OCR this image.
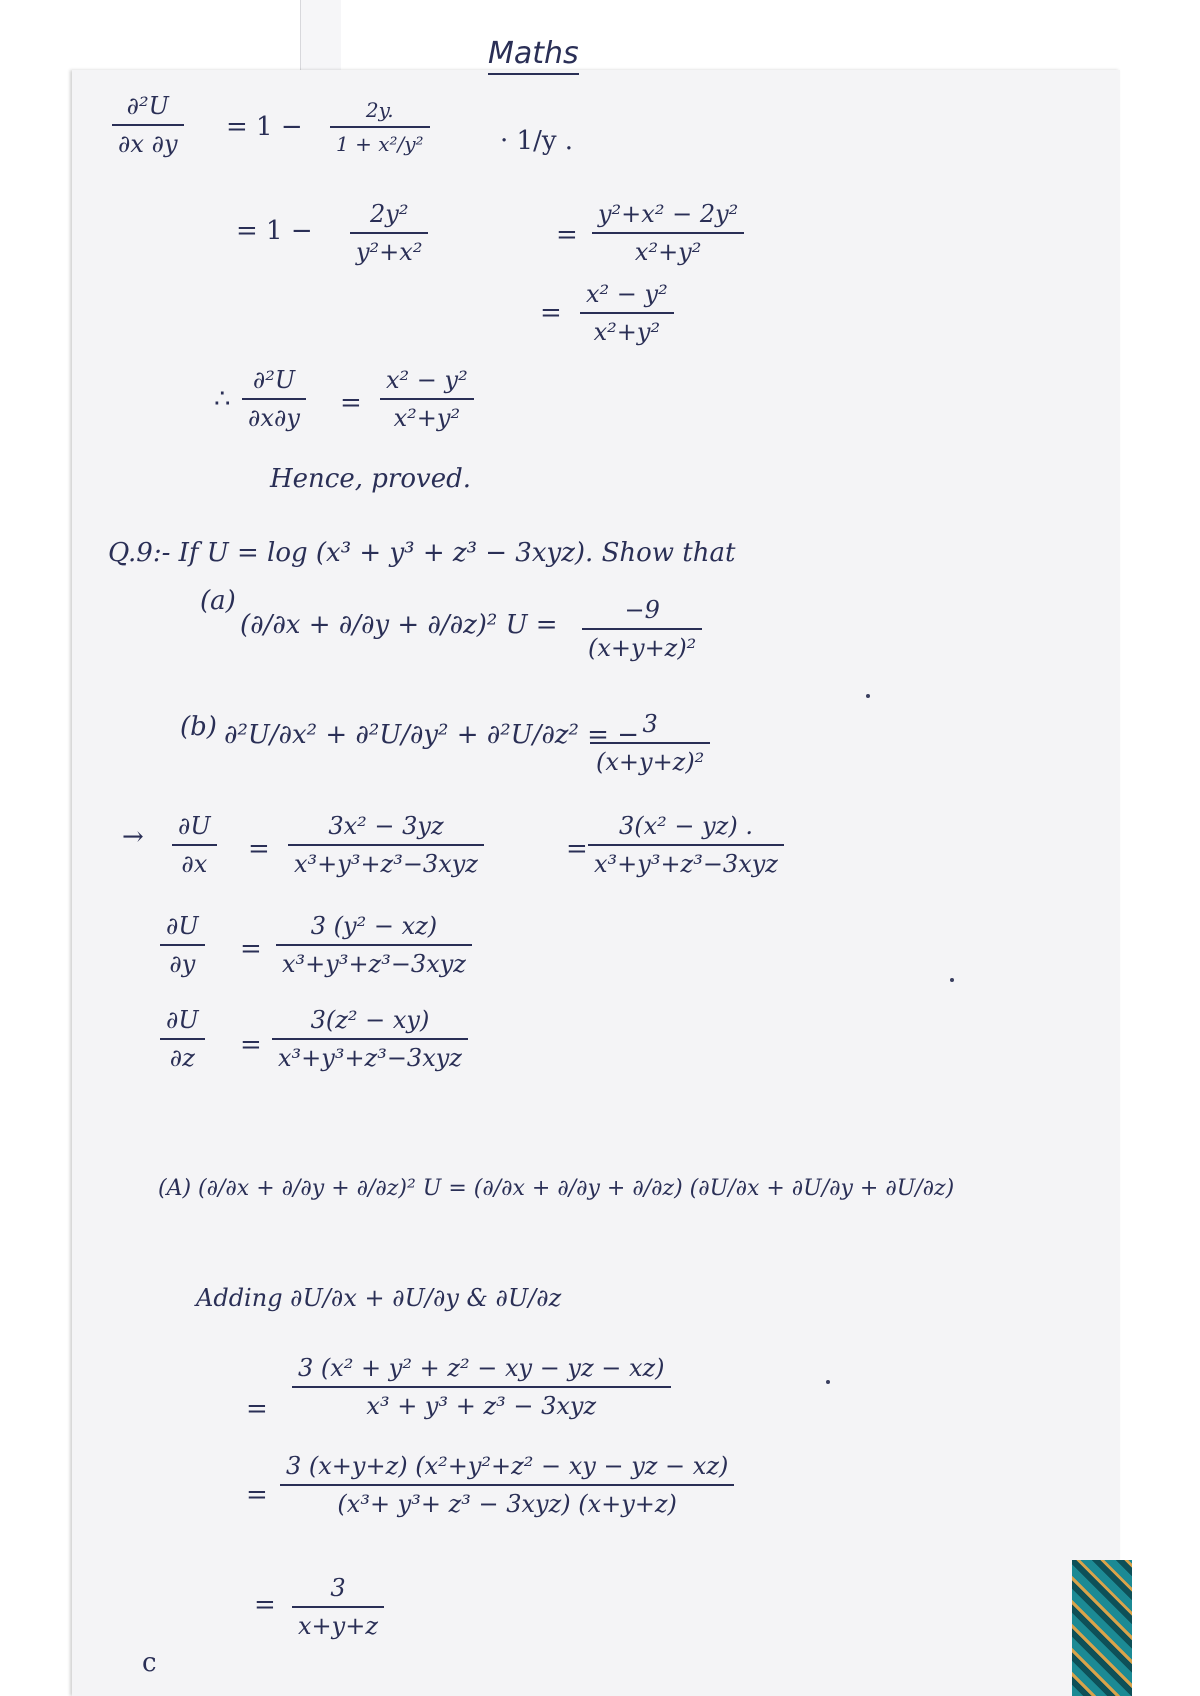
Maths
∂²U
∂x ∂y
= 1 −
2y.
1 + x²/y²	· 1/y .
= 1 −
2y²
y²+x²
=
y²+x² − 2y²
x²+y²
=
x² − y²
x²+y²
∴
∂²U
∂x∂y =
x² − y²
x²+y²
Hence, proved.
Q.9:- If U = log (x³ + y³ + z³ − 3xyz). Show that
(a)
(∂/∂x + ∂/∂y + ∂/∂z)² U =	−9
(x+y+z)²
(b) ∂²U/∂x² + ∂²U/∂y² + ∂²U/∂z² = − 3
(x+y+z)²
→ ∂U
∂x	=
3x² − 3yz
x³+y³+z³−3xyz	=
3(x² − yz) .
x³+y³+z³−3xyz
∂U
∂y	=
3 (y² − xz)
x³+y³+z³−3xyz
∂U
∂z	=
3(z² − xy)
x³+y³+z³−3xyz
(A) (∂/∂x + ∂/∂y + ∂/∂z)² U = (∂/∂x + ∂/∂y + ∂/∂z) (∂U/∂x + ∂U/∂y + ∂U/∂z)
Adding ∂U/∂x + ∂U/∂y & ∂U/∂z
=
3 (x² + y² + z² − xy − yz − xz)
x³ + y³ + z³ − 3xyz
=
3 (x+y+z) (x²+y²+z² − xy − yz − xz)
(x³+ y³+ z³ − 3xyz) (x+y+z)
=
3
x+y+z
c
